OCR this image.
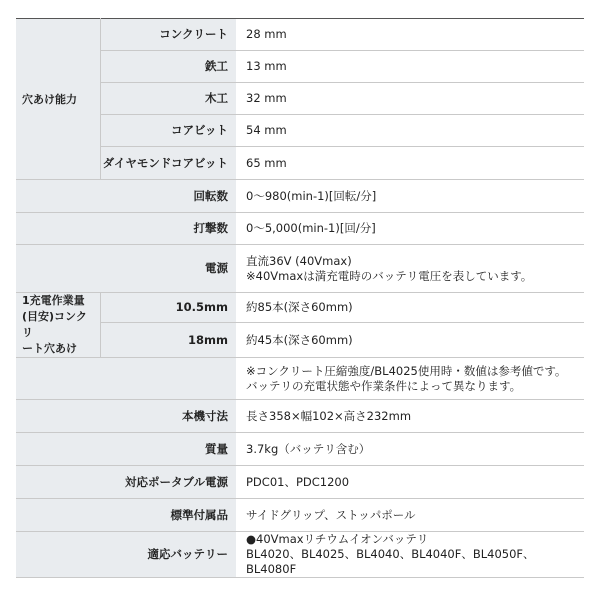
穴あけ能力	コンクリート	28 mm
	鉄工	13 mm
	木工	32 mm
	コアビット	54 mm
	ダイヤモンドコアビット	65 mm
回転数		0～980(min-1)[回転/分]
打撃数		0～5,000(min-1)[回/分]
電源		直流36V (40Vmax)
※40Vmaxは満充電時のバッテリ電圧を表しています。

1充電作業量
(目安)コンクリ
ート穴あけ	10.5mm	約85本(深さ60mm)
	18mm	約45本(深さ60mm)

		※コンクリート圧縮強度/BL4025使用時・数値は参考値です。
バッテリの充電状態や作業条件によって異なります。

本機寸法		長さ358×幅102×高さ232mm
質量		3.7kg（バッテリ含む）
対応ポータブル電源		PDC01、PDC1200
標準付属品		サイドグリップ、ストッパポール
適応バッテリー		●40Vmaxリチウムイオンバッテリ
BL4020、BL4025、BL4040、BL4040F、BL4050F、BL4080F
